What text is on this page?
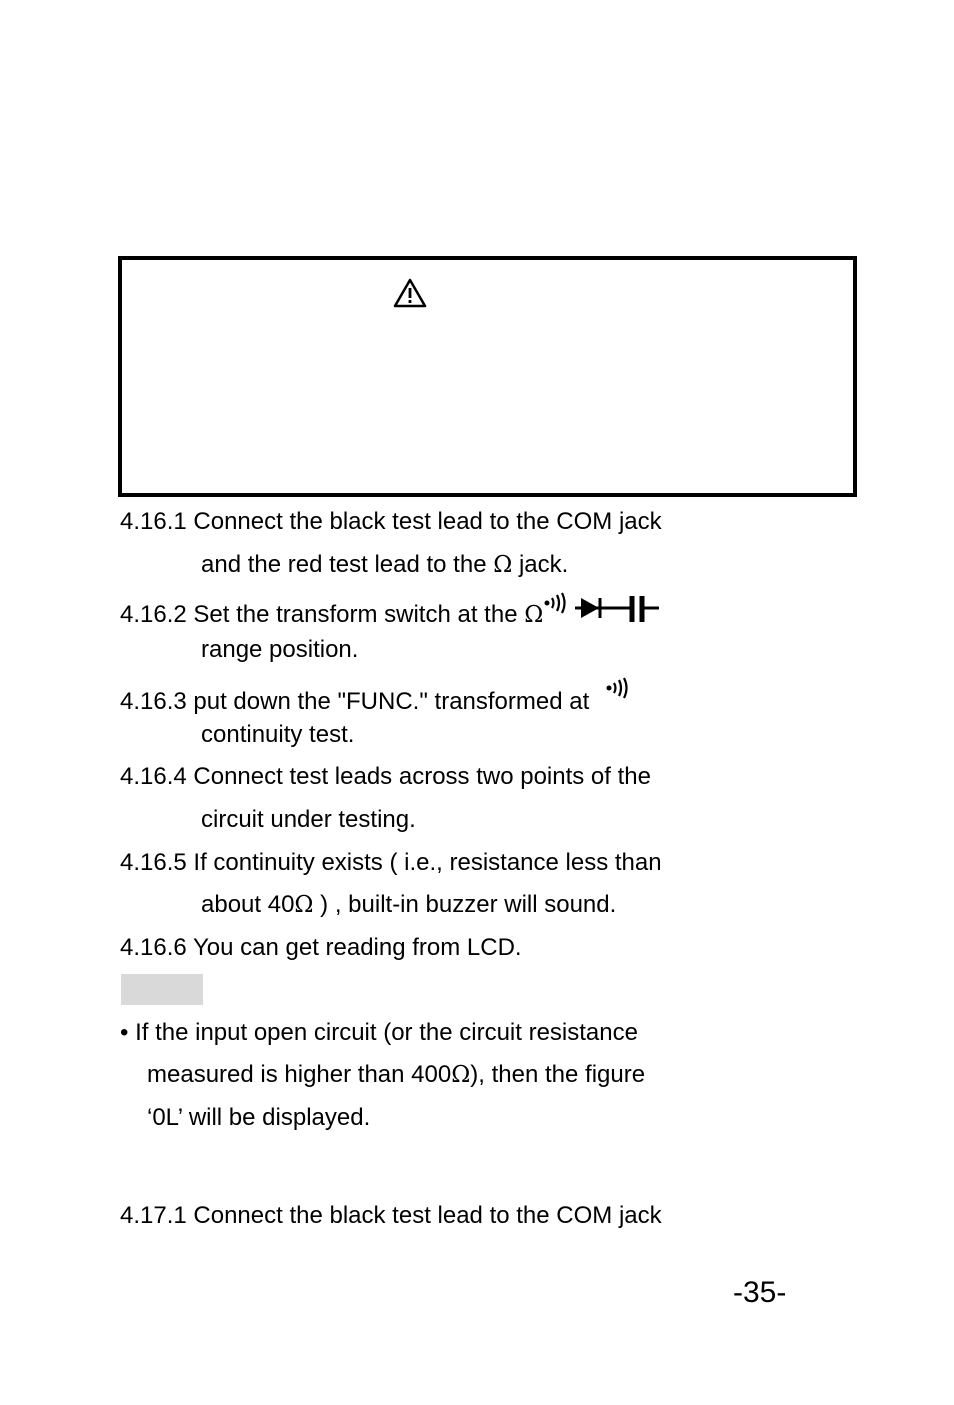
4.16.1 Connect the black test lead to the COM jack
and the red test lead to the Ω jack.
4.16.2 Set the transform switch at the Ω
range position.
4.16.3 put down the "FUNC." transformed at
continuity test.
4.16.4 Connect test leads across two points of the
circuit under testing.
4.16.5 If continuity exists ( i.e., resistance less than
about 40Ω ) , built-in buzzer will sound.
4.16.6 You can get reading from LCD.
• If the input open circuit (or the circuit resistance
measured is higher than 400Ω), then the figure
‘0L’ will be displayed.
4.17.1 Connect the black test lead to the COM jack
-35-
